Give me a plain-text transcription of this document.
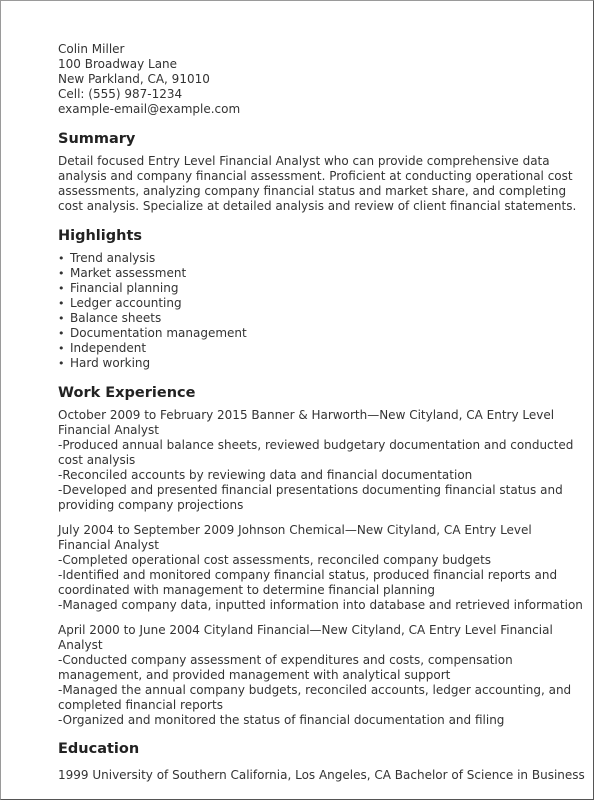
Colin Miller
100 Broadway Lane
New Parkland, CA, 91010
Cell: (555) 987-1234
example-email@example.com
Summary

Detail focused Entry Level Financial Analyst who can provide comprehensive data analysis and company financial assessment. Proficient at conducting operational cost assessments, analyzing company financial status and market share, and completing cost analysis. Specialize at detailed analysis and review of client financial statements.

Highlights
• Trend analysis
• Market assessment
• Financial planning
• Ledger accounting
• Balance sheets
• Documentation management
• Independent
• Hard working
Work Experience
October 2009 to February 2015 Banner & Harworth—New Cityland, CA Entry Level Financial Analyst
-Produced annual balance sheets, reviewed budgetary documentation and conducted cost analysis
-Reconciled accounts by reviewing data and financial documentation
-Developed and presented financial presentations documenting financial status and providing company projections
July 2004 to September 2009 Johnson Chemical—New Cityland, CA Entry Level Financial Analyst
-Completed operational cost assessments, reconciled company budgets
-Identified and monitored company financial status, produced financial reports and coordinated with management to determine financial planning
-Managed company data, inputted information into database and retrieved information
April 2000 to June 2004 Cityland Financial—New Cityland, CA Entry Level Financial Analyst
-Conducted company assessment of expenditures and costs, compensation management, and provided management with analytical support
-Managed the annual company budgets, reconciled accounts, ledger accounting, and completed financial reports
-Organized and monitored the status of financial documentation and filing
Education
1999 University of Southern California, Los Angeles, CA Bachelor of Science in Business
